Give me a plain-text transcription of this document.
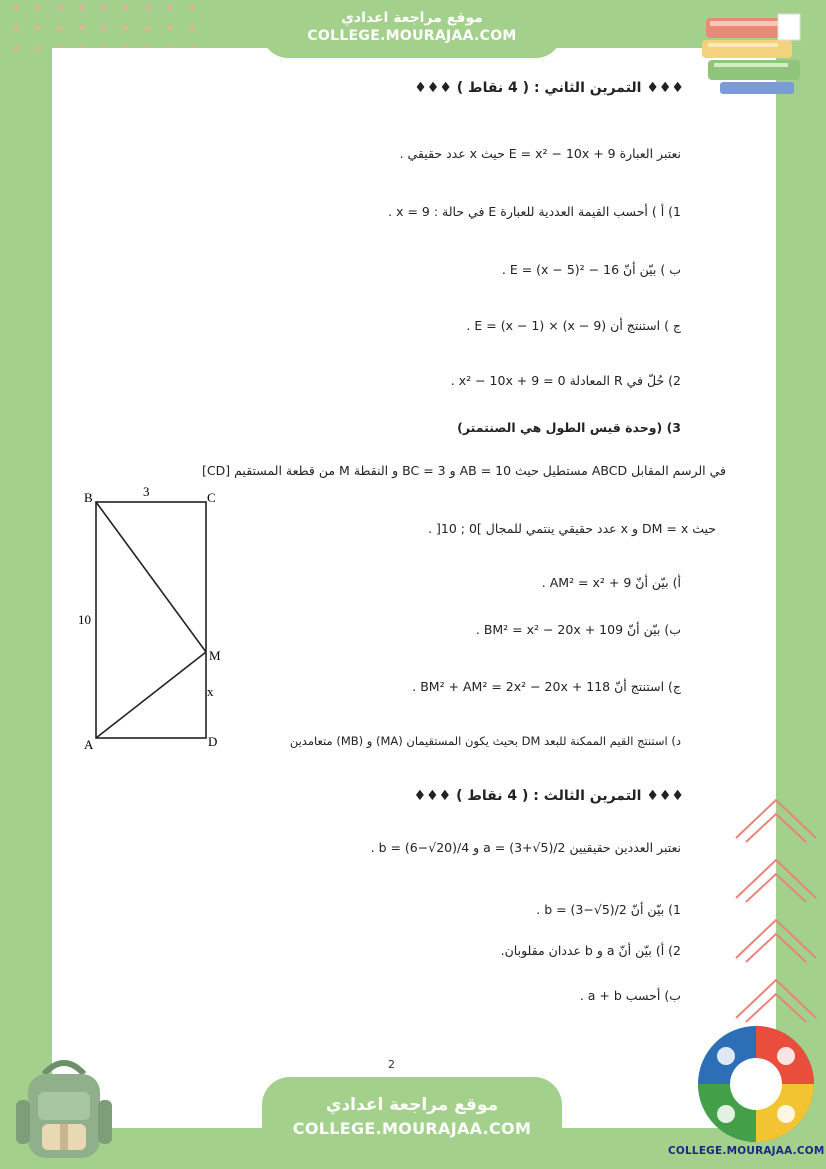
موقع مراجعة اعدادي
COLLEGE.MOURAJAA.COM
♦♦♦ التمرين الثاني : ( 4 نقاط ) ♦♦♦
نعتبر العبارة E = x² − 10x + 9 حيث x عدد حقيقي .
1) أ ) أحسب القيمة العددية للعبارة E في حالة : x = 9 .
ب ) بيّن أنّ E = (x − 5)² − 16 .
ج ) استنتج أن E = (x − 1) × (x − 9) .
2) حُلّ في R المعادلة x² − 10x + 9 = 0 .
3) (وحدة قيس الطول هي الصنتمتر)
في الرسم المقابل ABCD مستطيل حيث AB = 10 و BC = 3 و النقطة M من قطعة المستقيم [CD]
حيث DM = x و x عدد حقيقي ينتمي للمجال ]0 ; 10[ .
أ) بيّن أنّ AM² = x² + 9 .
ب) بيّن أنّ BM² = x² − 20x + 109 .
ج) استنتج أنّ BM² + AM² = 2x² − 20x + 118 .
د) استنتج القيم الممكنة للبعد DM بحيث يكون المستقيمان (MA) و (MB) متعامدين
B	C
3
10
M
x
A	D
♦♦♦ التمرين الثالث : ( 4 نقاط ) ♦♦♦
نعتبر العددين حقيقيين a = (3+√5)/2 و b = (6−√20)/4 .
1) بيّن أنّ b = (3−√5)/2 .
2) أ) بيّن أنّ a و b عددان مقلوبان.
ب) أحسب a + b .
2
موقع مراجعة اعدادي
COLLEGE.MOURAJAA.COM
COLLEGE.MOURAJAA.COM
